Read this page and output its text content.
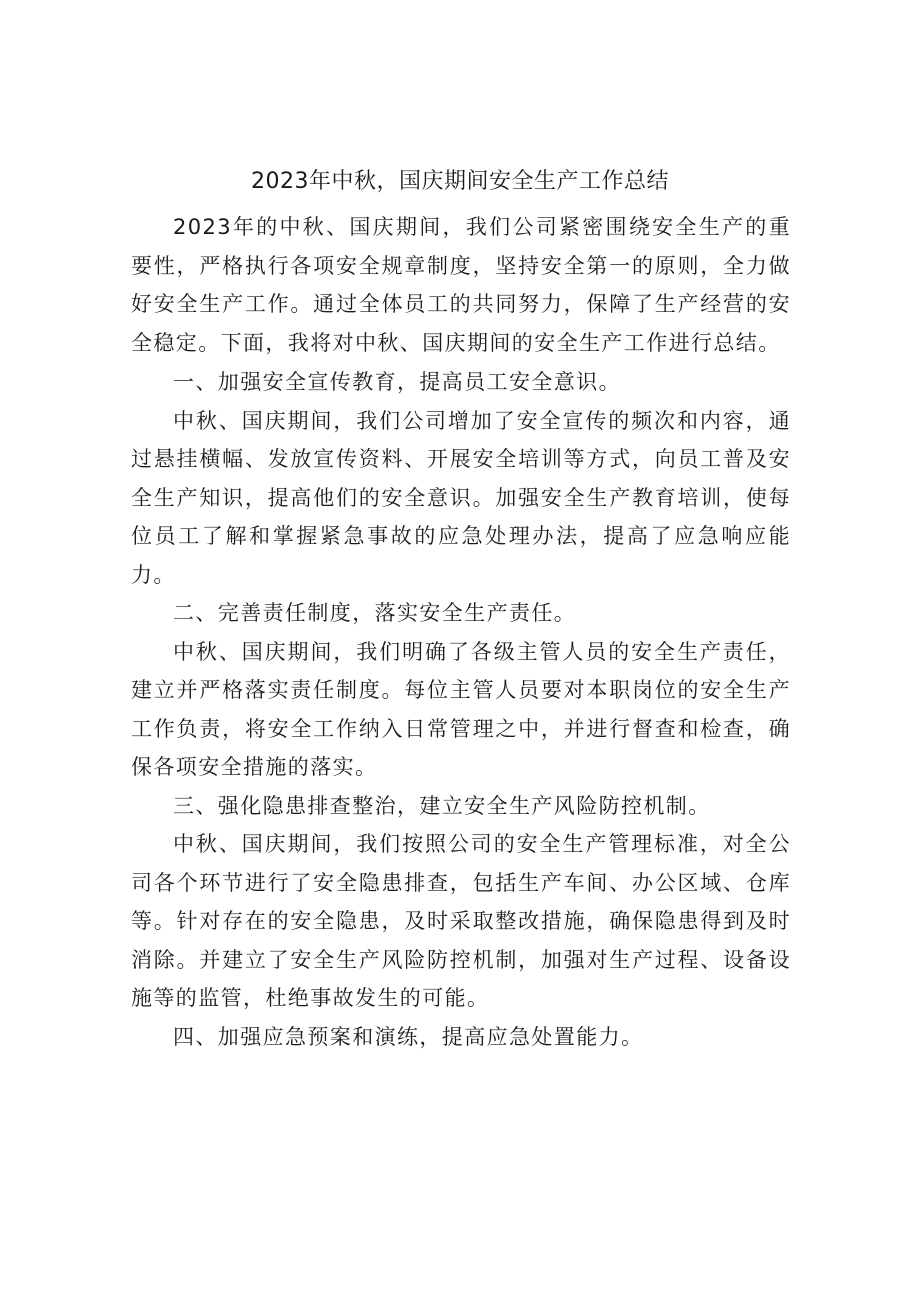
2023年中秋，国庆期间安全生产工作总结

2023年的中秋、国庆期间，我们公司紧密围绕安全生产的重要性，严格执行各项安全规章制度，坚持安全第一的原则，全力做好安全生产工作。通过全体员工的共同努力，保障了生产经营的安全稳定。下面，我将对中秋、国庆期间的安全生产工作进行总结。

一、加强安全宣传教育，提高员工安全意识。

中秋、国庆期间，我们公司增加了安全宣传的频次和内容，通过悬挂横幅、发放宣传资料、开展安全培训等方式，向员工普及安全生产知识，提高他们的安全意识。加强安全生产教育培训，使每位员工了解和掌握紧急事故的应急处理办法，提高了应急响应能力。

二、完善责任制度，落实安全生产责任。

中秋、国庆期间，我们明确了各级主管人员的安全生产责任，建立并严格落实责任制度。每位主管人员要对本职岗位的安全生产工作负责，将安全工作纳入日常管理之中，并进行督查和检查，确保各项安全措施的落实。

三、强化隐患排查整治，建立安全生产风险防控机制。

中秋、国庆期间，我们按照公司的安全生产管理标准，对全公司各个环节进行了安全隐患排查，包括生产车间、办公区域、仓库等。针对存在的安全隐患，及时采取整改措施，确保隐患得到及时消除。并建立了安全生产风险防控机制，加强对生产过程、设备设施等的监管，杜绝事故发生的可能。

四、加强应急预案和演练，提高应急处置能力。
